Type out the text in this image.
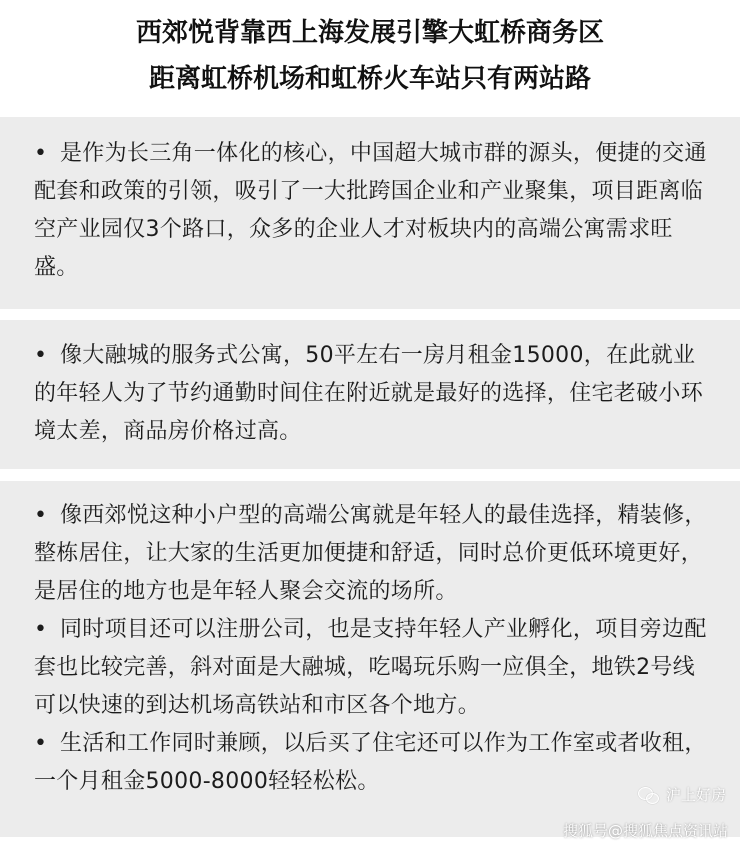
西郊悦背靠西上海发展引擎大虹桥商务区
距离虹桥机场和虹桥火车站只有两站路

• 是作为长三角一体化的核心，中国超大城市群的源头，便捷的交通配套和政策的引领，吸引了一大批跨国企业和产业聚集，项目距离临空产业园仅3个路口，众多的企业人才对板块内的高端公寓需求旺盛。

• 像大融城的服务式公寓，50平左右一房月租金15000，在此就业的年轻人为了节约通勤时间住在附近就是最好的选择，住宅老破小环境太差，商品房价格过高。

• 像西郊悦这种小户型的高端公寓就是年轻人的最佳选择，精装修，整栋居住，让大家的生活更加便捷和舒适，同时总价更低环境更好，是居住的地方也是年轻人聚会交流的场所。

• 同时项目还可以注册公司，也是支持年轻人产业孵化，项目旁边配套也比较完善，斜对面是大融城，吃喝玩乐购一应俱全，地铁2号线可以快速的到达机场高铁站和市区各个地方。

• 生活和工作同时兼顾，以后买了住宅还可以作为工作室或者收租，一个月租金5000-8000轻轻松松。

沪上好房
搜狐号@搜狐焦点资讯站
